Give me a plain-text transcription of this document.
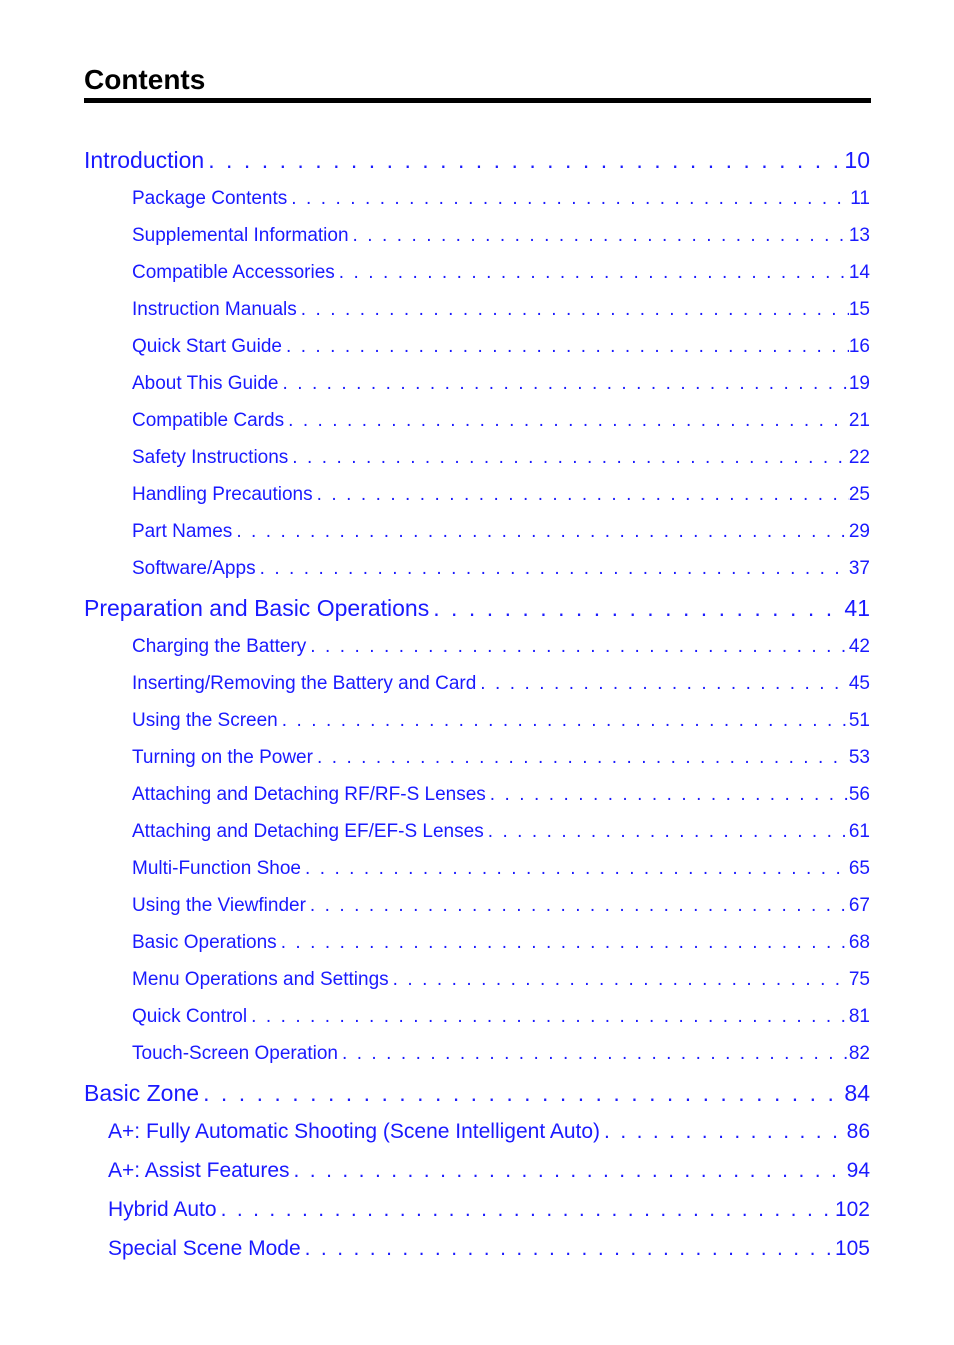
Contents
Introduction . . .	10
Package Contents . . .	11
Supplemental Information . . .	13
Compatible Accessories . . .	14
Instruction Manuals . . .	15
Quick Start Guide . . .	16
About This Guide . . .	19
Compatible Cards . . .	21
Safety Instructions . . .	22
Handling Precautions . . .	25
Part Names . . .	29
Software/Apps . . .	37
Preparation and Basic Operations . . .	41
Charging the Battery . . .	42
Inserting/Removing the Battery and Card . . .	45
Using the Screen . . .	51
Turning on the Power . . .	53
Attaching and Detaching RF/RF-S Lenses . . .	56
Attaching and Detaching EF/EF-S Lenses . . .	61
Multi-Function Shoe . . .	65
Using the Viewfinder . . .	67
Basic Operations . . .	68
Menu Operations and Settings . . .	75
Quick Control . . .	81
Touch-Screen Operation . . .	82
Basic Zone . . .	84
A+: Fully Automatic Shooting (Scene Intelligent Auto) . . .	86
A+: Assist Features . . .	94
Hybrid Auto . . .	102
Special Scene Mode . . .	105
